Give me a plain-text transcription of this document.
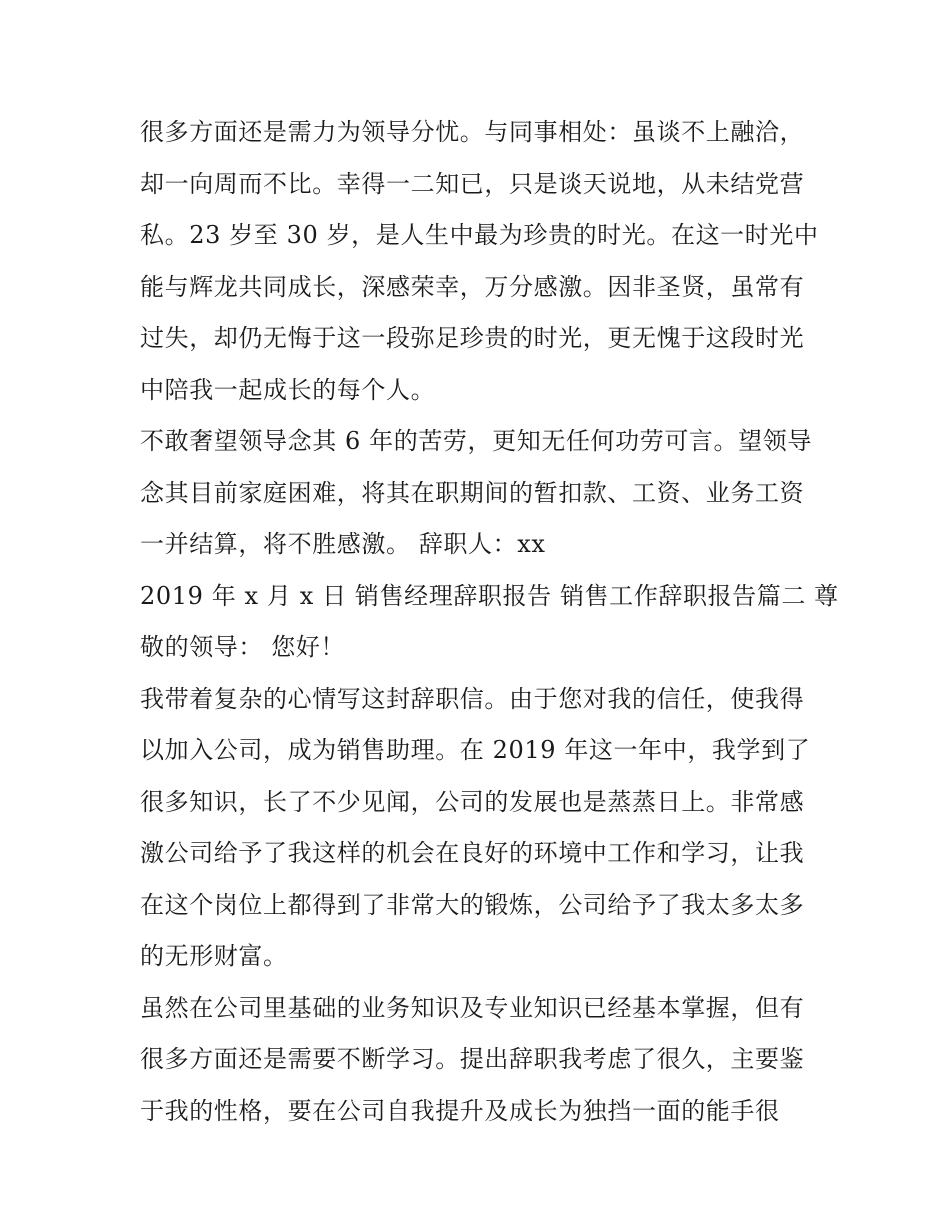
很多方面还是需力为领导分忧。与同事相处：虽谈不上融洽，
却一向周而不比。幸得一二知已，只是谈天说地，从未结党营
私。23 岁至 30 岁，是人生中最为珍贵的时光。在这一时光中
能与辉龙共同成长，深感荣幸，万分感激。因非圣贤，虽常有
过失，却仍无悔于这一段弥足珍贵的时光，更无愧于这段时光
中陪我一起成长的每个人。
不敢奢望领导念其 6 年的苦劳，更知无任何功劳可言。望领导
念其目前家庭困难，将其在职期间的暂扣款、工资、业务工资
一并结算，将不胜感激。 辞职人：xx
2019 年 x 月 x 日 销售经理辞职报告 销售工作辞职报告篇二 尊
敬的领导： 您好！
我带着复杂的心情写这封辞职信。由于您对我的信任，使我得
以加入公司，成为销售助理。在 2019 年这一年中，我学到了
很多知识，长了不少见闻，公司的发展也是蒸蒸日上。非常感
激公司给予了我这样的机会在良好的环境中工作和学习，让我
在这个岗位上都得到了非常大的锻炼，公司给予了我太多太多
的无形财富。
虽然在公司里基础的业务知识及专业知识已经基本掌握，但有
很多方面还是需要不断学习。提出辞职我考虑了很久，主要鉴
于我的性格，要在公司自我提升及成长为独挡一面的能手很
